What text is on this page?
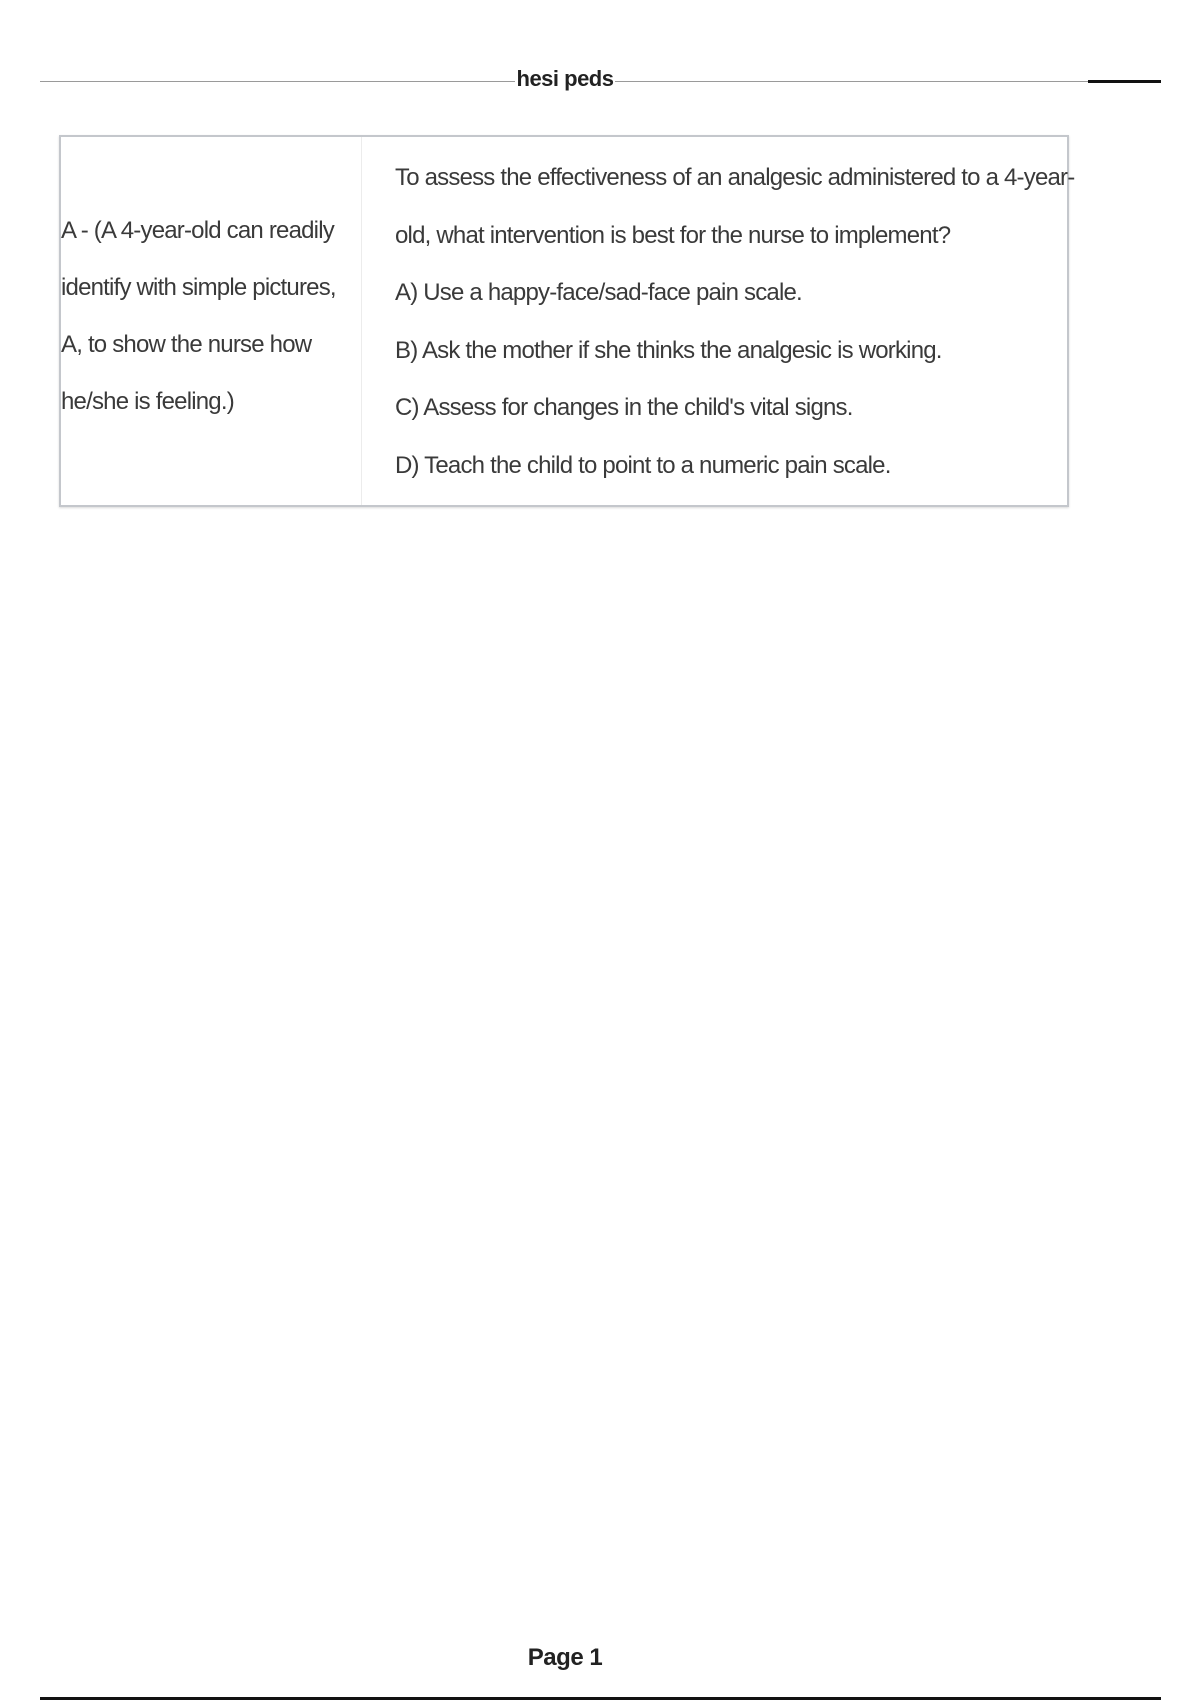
hesi peds
A - (A 4-year-old can readily identify with simple pictures, A, to show the nurse how he/she is feeling.)
To assess the effectiveness of an analgesic administered to a 4-year-
old, what intervention is best for the nurse to implement?
A) Use a happy-face/sad-face pain scale.
B) Ask the mother if she thinks the analgesic is working.
C) Assess for changes in the child's vital signs.
D) Teach the child to point to a numeric pain scale.
Page 1
